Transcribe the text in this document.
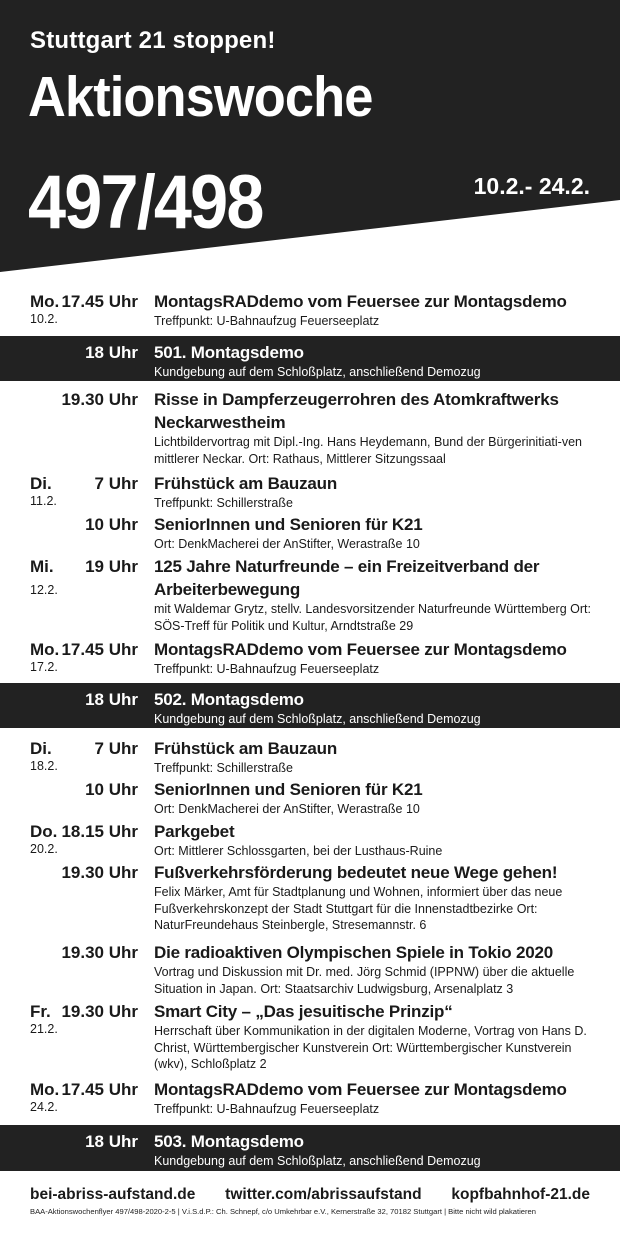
Stuttgart 21 stoppen!
Aktionswoche
497/498	10.2.- 24.2.
Mo.
10.2.
17.45 Uhr MontagsRADdemo vom Feuersee zur Montagsdemo
Treffpunkt: U-Bahnaufzug Feuerseeplatz
18 Uhr 501. Montagsdemo
Kundgebung auf dem Schloßplatz, anschließend Demozug
19.30 Uhr Risse in Dampferzeugerrohren des Atomkraftwerks Neckarwestheim
Lichtbildervortrag mit Dipl.-Ing. Hans Heydemann, Bund der Bürgerinitiati-ven mittlerer Neckar. Ort: Rathaus, Mittlerer Sitzungssaal
Di.
11.2.
7 Uhr Frühstück am Bauzaun
Treffpunkt: Schillerstraße
10 Uhr SeniorInnen und Senioren für K21
Ort: DenkMacherei der AnStifter, Werastraße 10
Mi.
12.2.
19 Uhr 125 Jahre Naturfreunde – ein Freizeitverband der Arbeiterbewegung
mit Waldemar Grytz, stellv. Landesvorsitzender Naturfreunde Württemberg Ort: SÖS-Treff für Politik und Kultur, Arndtstraße 29
Mo.
17.2.
17.45 Uhr MontagsRADdemo vom Feuersee zur Montagsdemo
Treffpunkt: U-Bahnaufzug Feuerseeplatz
18 Uhr 502. Montagsdemo
Kundgebung auf dem Schloßplatz, anschließend Demozug
Di.
18.2.
7 Uhr Frühstück am Bauzaun
Treffpunkt: Schillerstraße
10 Uhr SeniorInnen und Senioren für K21
Ort: DenkMacherei der AnStifter, Werastraße 10
Do.
20.2.
18.15 Uhr Parkgebet
Ort: Mittlerer Schlossgarten, bei der Lusthaus-Ruine
19.30 Uhr Fußverkehrsförderung bedeutet neue Wege gehen!
Felix Märker, Amt für Stadtplanung und Wohnen, informiert über das neue Fußverkehrskonzept der Stadt Stuttgart für die Innenstadtbezirke Ort: NaturFreundehaus Steinbergle, Stresemannstr. 6
19.30 Uhr Die radioaktiven Olympischen Spiele in Tokio 2020
Vortrag und Diskussion mit Dr. med. Jörg Schmid (IPPNW) über die aktuelle Situation in Japan. Ort: Staatsarchiv Ludwigsburg, Arsenalplatz 3
Fr.
21.2.
19.30 Uhr Smart City – „Das jesuitische Prinzip“
Herrschaft über Kommunikation in der digitalen Moderne, Vortrag von Hans D. Christ, Württembergischer Kunstverein Ort: Württembergischer Kunstverein (wkv), Schloßplatz 2
Mo.
24.2.
17.45 Uhr MontagsRADdemo vom Feuersee zur Montagsdemo
Treffpunkt: U-Bahnaufzug Feuerseeplatz
18 Uhr 503. Montagsdemo
Kundgebung auf dem Schloßplatz, anschließend Demozug
bei-abriss-aufstand.de twitter.com/abrissaufstand kopfbahnhof-21.de
BAA-Aktionswochenflyer 497/498-2020-2-5 | V.i.S.d.P.: Ch. Schnepf, c/o Umkehrbar e.V., Kernerstraße 32, 70182 Stuttgart | Bitte nicht wild plakatieren
